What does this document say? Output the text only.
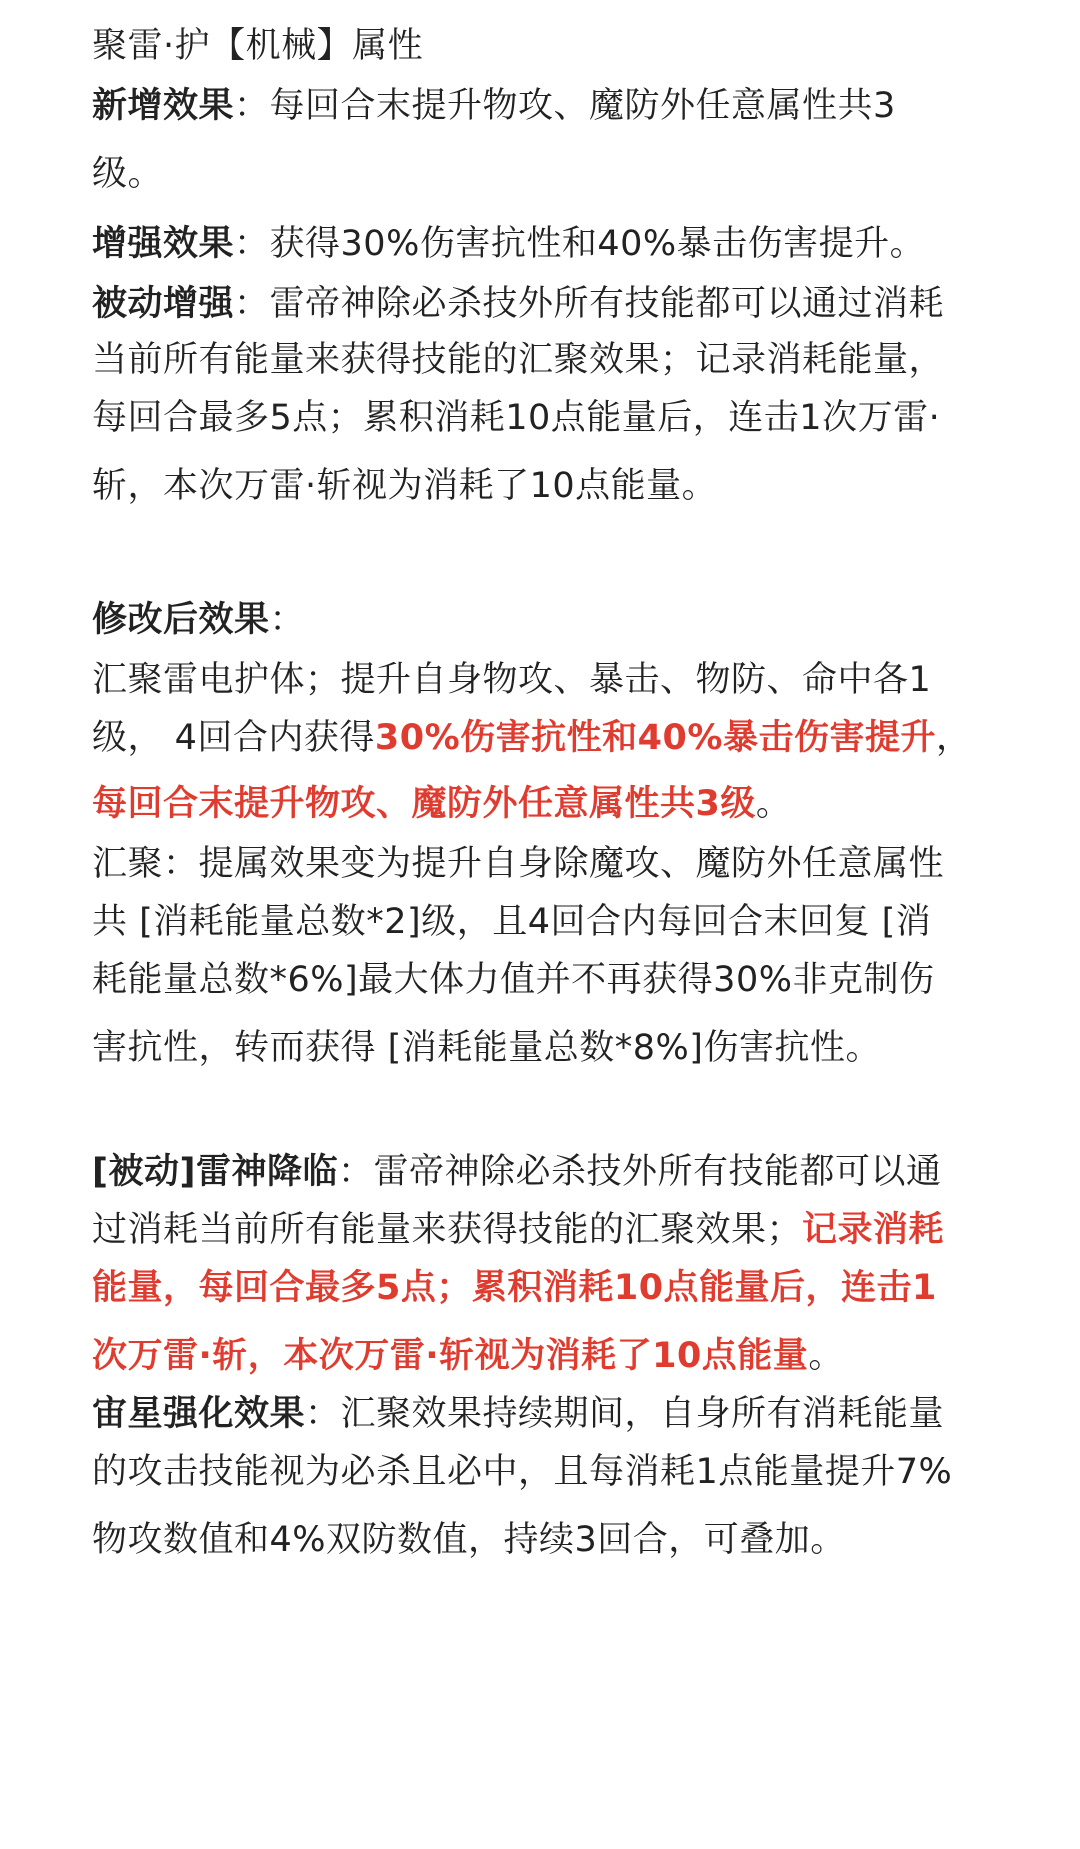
聚雷·护【机械】属性
新增效果：每回合末提升物攻、魔防外任意属性共3
级。
增强效果：获得30%伤害抗性和40%暴击伤害提升。
被动增强：雷帝神除必杀技外所有技能都可以通过消耗
当前所有能量来获得技能的汇聚效果；记录消耗能量，
每回合最多5点；累积消耗10点能量后，连击1次万雷·
斩，本次万雷·斩视为消耗了10点能量。
修改后效果：
汇聚雷电护体；提升自身物攻、暴击、物防、命中各1
级， 4回合内获得30%伤害抗性和40%暴击伤害提升，
每回合末提升物攻、魔防外任意属性共3级。
汇聚：提属效果变为提升自身除魔攻、魔防外任意属性
共 [消耗能量总数*2]级，且4回合内每回合末回复 [消
耗能量总数*6%]最大体力值并不再获得30%非克制伤
害抗性，转而获得 [消耗能量总数*8%]伤害抗性。
[被动]雷神降临：雷帝神除必杀技外所有技能都可以通
过消耗当前所有能量来获得技能的汇聚效果；记录消耗
能量，每回合最多5点；累积消耗10点能量后，连击1
次万雷·斩，本次万雷·斩视为消耗了10点能量。
宙星强化效果：汇聚效果持续期间，自身所有消耗能量
的攻击技能视为必杀且必中，且每消耗1点能量提升7%
物攻数值和4%双防数值，持续3回合，可叠加。
